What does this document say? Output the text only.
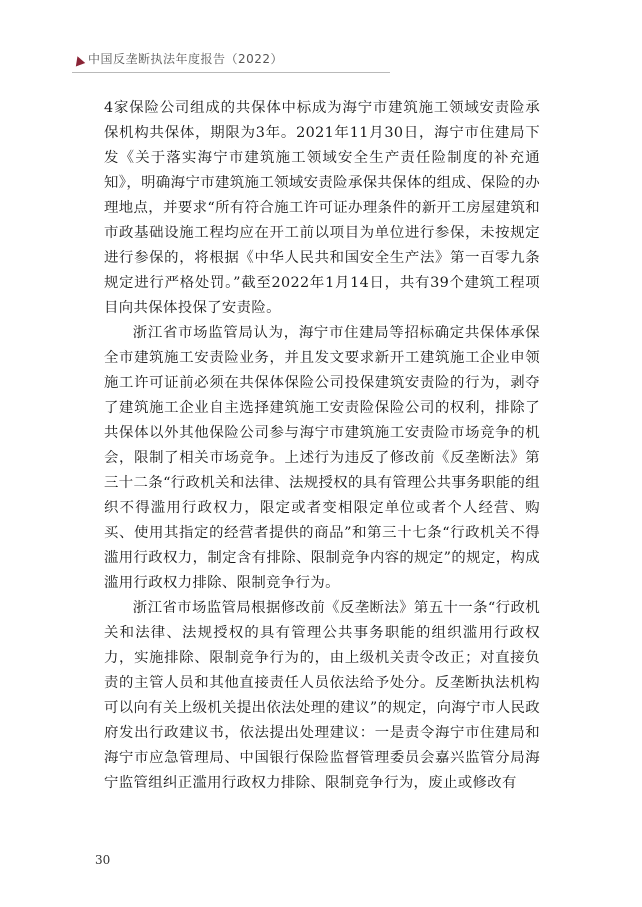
中国反垄断执法年度报告（2022）

4家保险公司组成的共保体中标成为海宁市建筑施工领域安责险承保机构共保体，期限为3年。2021年11月30日，海宁市住建局下发《关于落实海宁市建筑施工领域安全生产责任险制度的补充通知》，明确海宁市建筑施工领域安责险承保共保体的组成、保险的办理地点，并要求“所有符合施工许可证办理条件的新开工房屋建筑和市政基础设施工程均应在开工前以项目为单位进行参保，未按规定进行参保的，将根据《中华人民共和国安全生产法》第一百零九条规定进行严格处罚。”截至2022年1月14日，共有39个建筑工程项目向共保体投保了安责险。

浙江省市场监管局认为，海宁市住建局等招标确定共保体承保全市建筑施工安责险业务，并且发文要求新开工建筑施工企业申领施工许可证前必须在共保体保险公司投保建筑安责险的行为，剥夺了建筑施工企业自主选择建筑施工安责险保险公司的权利，排除了共保体以外其他保险公司参与海宁市建筑施工安责险市场竞争的机会，限制了相关市场竞争。上述行为违反了修改前《反垄断法》第三十二条“行政机关和法律、法规授权的具有管理公共事务职能的组织不得滥用行政权力，限定或者变相限定单位或者个人经营、购买、使用其指定的经营者提供的商品”和第三十七条“行政机关不得滥用行政权力，制定含有排除、限制竞争内容的规定”的规定，构成滥用行政权力排除、限制竞争行为。

浙江省市场监管局根据修改前《反垄断法》第五十一条“行政机关和法律、法规授权的具有管理公共事务职能的组织滥用行政权力，实施排除、限制竞争行为的，由上级机关责令改正；对直接负责的主管人员和其他直接责任人员依法给予处分。反垄断执法机构可以向有关上级机关提出依法处理的建议”的规定，向海宁市人民政府发出行政建议书，依法提出处理建议：一是责令海宁市住建局和海宁市应急管理局、中国银行保险监督管理委员会嘉兴监管分局海宁监管组纠正滥用行政权力排除、限制竞争行为，废止或修改有

30
